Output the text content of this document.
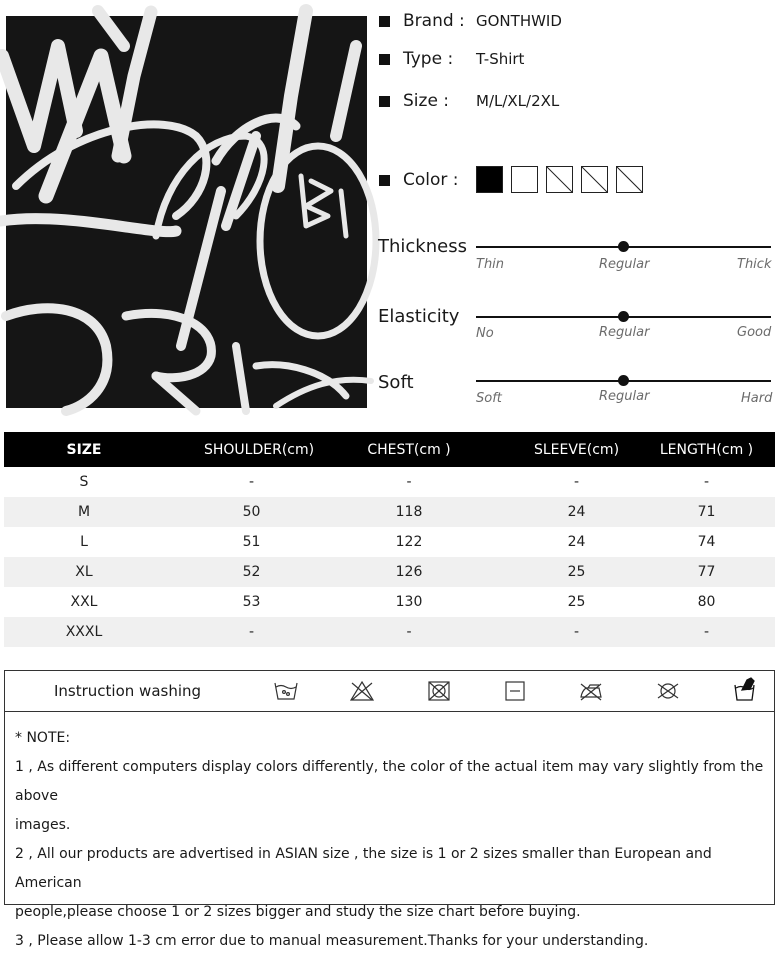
Brand : GONTHWID
Type :	T-Shirt
Size :	M/L/XL/2XL
Color :
Thickness
Thin	Regular	Thick
Elasticity
No	Regular	Good
Soft
Soft	Regular	Hard
SIZE	SHOULDER(cm)	CHEST(cm )	SLEEVE(cm)	LENGTH(cm )
S	-	-	-	-
M	50	118	24	71
L	51	122	24	74
XL	52	126	25	77
XXL	53	130	25	80
XXXL	-	-	-	-
Instruction washing
* NOTE:
1 , As different computers display colors differently, the color of the actual item may vary slightly from the above
images.
2 , All our products are advertised in ASIAN size , the size is 1 or 2 sizes smaller than European and American
people,please choose 1 or 2 sizes bigger and study the size chart before buying.
3 , Please allow 1-3 cm error due to manual measurement.Thanks for your understanding.
